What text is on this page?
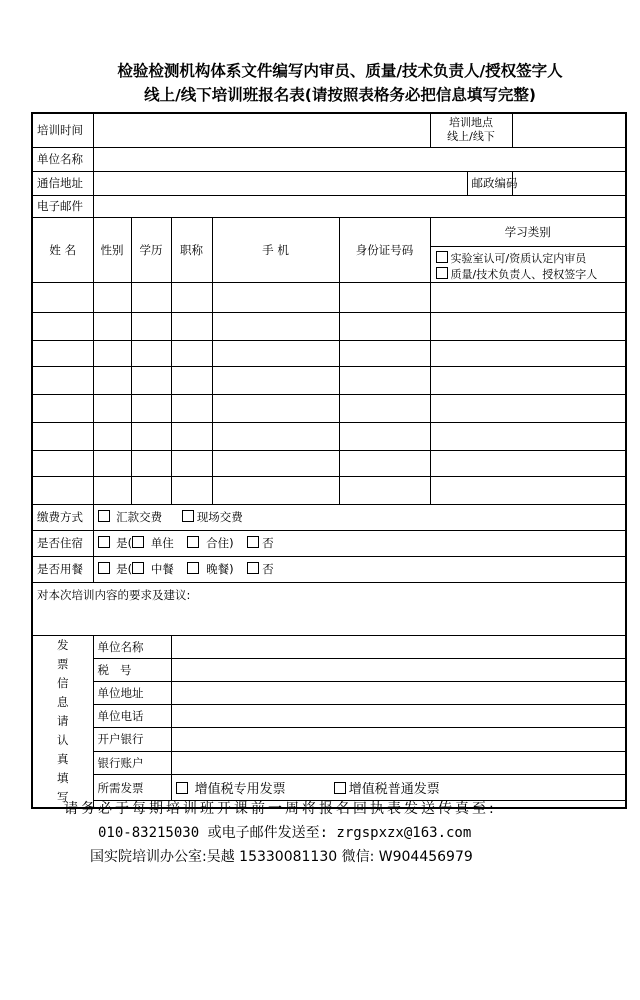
检验检测机构体系文件编写内审员、质量/技术负责人/授权签字人
线上/线下培训班报名表(请按照表格务必把信息填写完整)
培训时间						培训地点
线上/线下		

单位名称								
通信地址							邮政编码	
电子邮件								
姓 名	性别	学历	职称	手 机	身份证号码	学习类别
实验室认可/资质认定内审员
质量/技术负责人、授权签字人		

缴费方式	汇款交费 现场交费							
是否住宿	是( 单住 合住) 否							
是否用餐	是( 中餐 晚餐) 否							
对本次培训内容的要求及建议:								

发票信息请认真填写	单位名称							
	税   号							
	单位地址							
	单位电话							
	开户银行							
	银行账户							
	所需发票		增值税专用发票 增值税普通发票					

请务必于每期培训班开课前一周将报名回执表发送传真至:
010-83215030 或电子邮件发送至: zrgspxzx@163.com
国实院培训办公室:吴越 15330081130 微信: W904456979
